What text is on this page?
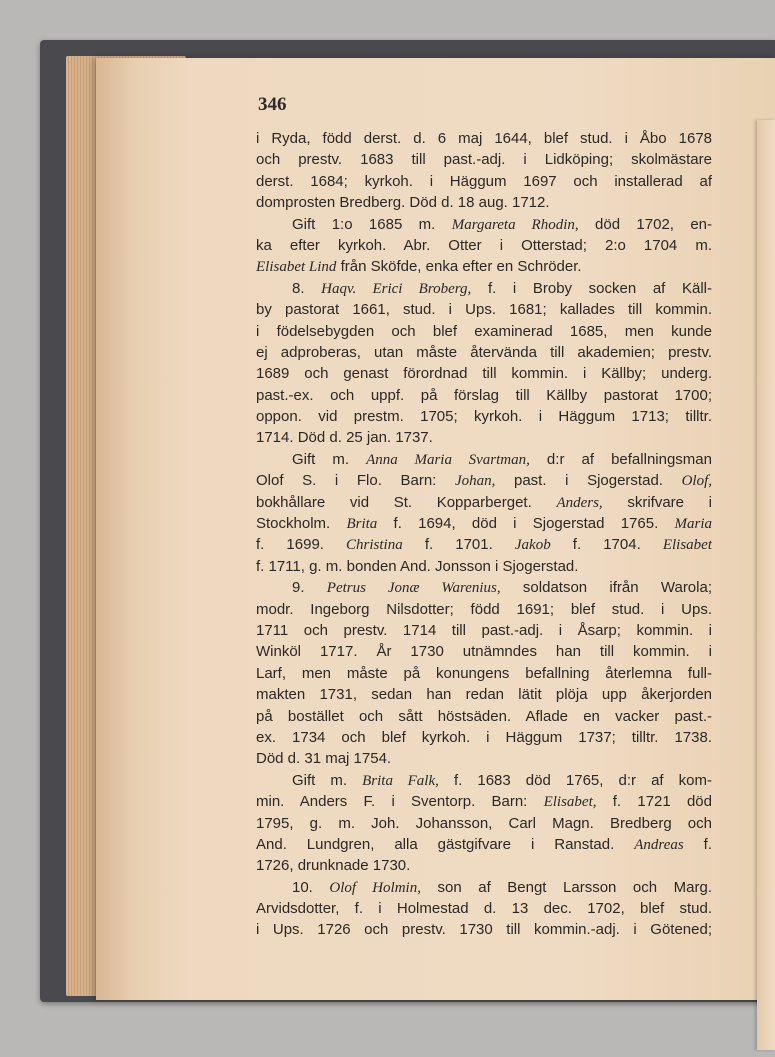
346
i Ryda, född derst. d. 6 maj 1644, blef stud. i Åbo 1678
och prestv. 1683 till past.-adj. i Lidköping; skolmästare
derst. 1684; kyrkoh. i Häggum 1697 och installerad af
domprosten Bredberg. Död d. 18 aug. 1712.
Gift 1:o 1685 m. Margareta Rhodin, död 1702, en-
ka efter kyrkoh. Abr. Otter i Otterstad; 2:o 1704 m.
Elisabet Lind från Sköfde, enka efter en Schröder.
8. Haqv. Erici Broberg, f. i Broby socken af Käll-
by pastorat 1661, stud. i Ups. 1681; kallades till kommin.
i födelsebygden och blef examinerad 1685, men kunde
ej adproberas, utan måste återvända till akademien; prestv.
1689 och genast förordnad till kommin. i Källby; underg.
past.-ex. och uppf. på förslag till Källby pastorat 1700;
oppon. vid prestm. 1705; kyrkoh. i Häggum 1713; tilltr.
1714. Död d. 25 jan. 1737.
Gift m. Anna Maria Svartman, d:r af befallningsman
Olof S. i Flo. Barn: Johan, past. i Sjogerstad. Olof,
bokhållare vid St. Kopparberget. Anders, skrifvare i
Stockholm. Brita f. 1694, död i Sjogerstad 1765. Maria
f. 1699. Christina f. 1701. Jakob f. 1704. Elisabet
f. 1711, g. m. bonden And. Jonsson i Sjogerstad.
9. Petrus Jonæ Warenius, soldatson ifrån Warola;
modr. Ingeborg Nilsdotter; född 1691; blef stud. i Ups.
1711 och prestv. 1714 till past.-adj. i Åsarp; kommin. i
Winköl 1717. År 1730 utnämndes han till kommin. i
Larf, men måste på konungens befallning återlemna full-
makten 1731, sedan han redan lätit plöja upp åkerjorden
på bostället och sått höstsäden. Aflade en vacker past.-
ex. 1734 och blef kyrkoh. i Häggum 1737; tilltr. 1738.
Död d. 31 maj 1754.
Gift m. Brita Falk, f. 1683 död 1765, d:r af kom-
min. Anders F. i Sventorp. Barn: Elisabet, f. 1721 död
1795, g. m. Joh. Johansson, Carl Magn. Bredberg och
And. Lundgren, alla gästgifvare i Ranstad. Andreas f.
1726, drunknade 1730.
10. Olof Holmin, son af Bengt Larsson och Marg.
Arvidsdotter, f. i Holmestad d. 13 dec. 1702, blef stud.
i Ups. 1726 och prestv. 1730 till kommin.-adj. i Götened;
